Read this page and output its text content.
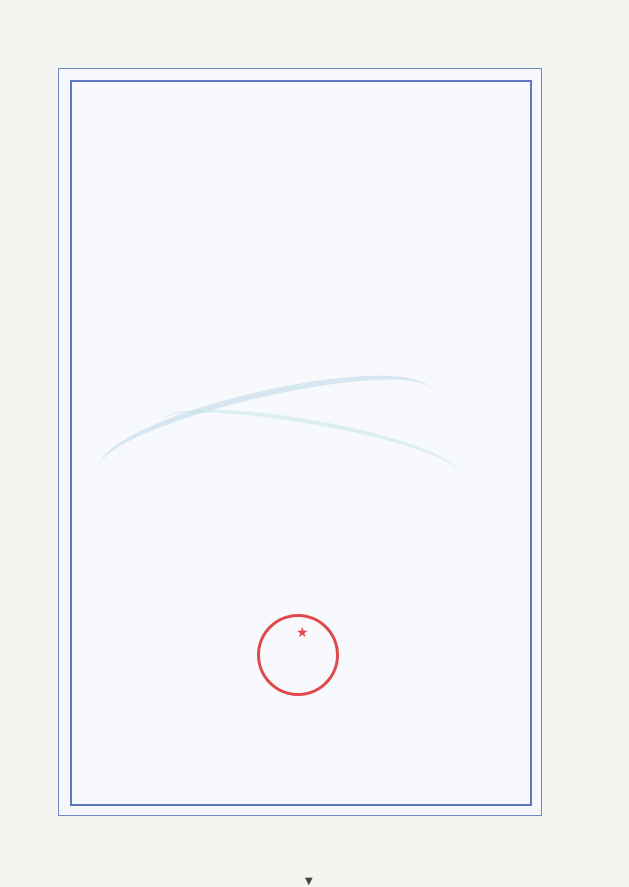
★
▼
